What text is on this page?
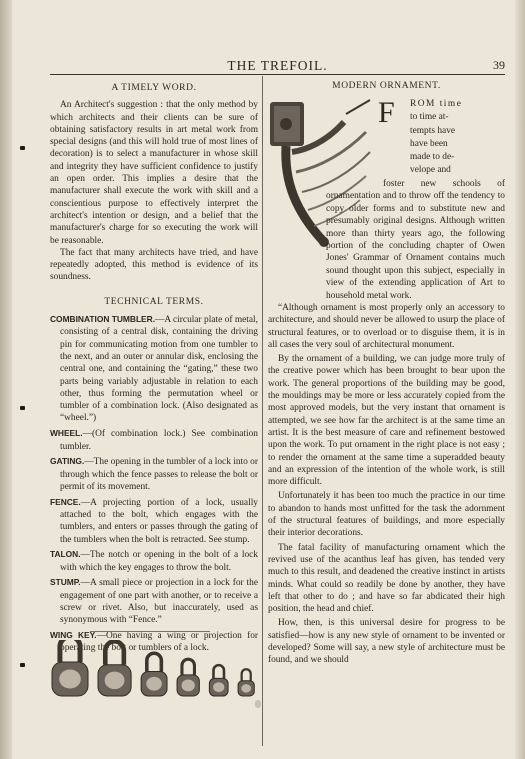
THE TREFOIL.	39
A TIMELY WORD.

An Architect's suggestion : that the only method by which architects and their clients can be sure of obtaining satisfactory results in art metal work from special designs (and this will hold true of most lines of decoration) is to select a manufacturer in whose skill and integrity they have sufficient confidence to justify an open order. This implies a desire that the manufacturer shall execute the work with skill and a conscientious purpose to effectively interpret the architect's intention or design, and a belief that the manufacturer's charge for so executing the work will be reasonable.

The fact that many architects have tried, and have repeatedly adopted, this method is evidence of its soundness.

TECHNICAL TERMS.
COMBINATION TUMBLER.—A circular plate of metal, consisting of a central disk, containing the driving pin for communicating motion from one tumbler to the next, and an outer or annular disk, enclosing the central one, and containing the “gating,” these two parts being variably adjustable in relation to each other, thus forming the permutation wheel or tumbler of a combination lock. (Also designated as “wheel.”)
WHEEL.—(Of combination lock.) See combination tumbler.
GATING.—The opening in the tumbler of a lock into or through which the fence passes to release the bolt or permit of its movement.
FENCE.—A projecting portion of a lock, usually attached to the bolt, which engages with the tumblers, and enters or passes through the gating of the tumblers when the bolt is retracted. See stump.
TALON.—The notch or opening in the bolt of a lock with which the key engages to throw the bolt.
STUMP.—A small piece or projection in a lock for the engagement of one part with another, or to receive a screw or rivet. Also, but inaccurately, used as synonymous with “Fence.”
WING KEY.—One having a wing or projection for operating the bolt or tumblers of a lock.
MODERN ORNAMENT.
F ROM time
to time at-
tempts have
have been
made to de-
velope and

foster new schools of ornamentation and to throw off the tendency to copy older forms and to substitute new and presumably original designs. Although written more than thirty years ago, the following portion of the concluding chapter of Owen Jones' Grammar of Ornament contains much sound thought upon this subject, especially in view of the extending application of Art to household metal work.

“Although ornament is most properly only an accessory to architecture, and should never be allowed to usurp the place of structural features, or to overload or to disguise them, it is in all cases the very soul of architectural monument.

By the ornament of a building, we can judge more truly of the creative power which has been brought to bear upon the work. The general proportions of the building may be good, the mouldings may be more or less accurately copied from the most approved models, but the very instant that ornament is attempted, we see how far the architect is at the same time an artist. It is the best measure of care and refinement bestowed upon the work. To put ornament in the right place is not easy ; to render the ornament at the same time a superadded beauty and an expression of the intention of the whole work, is still more difficult.

Unfortunately it has been too much the practice in our time to abandon to hands most unfitted for the task the adornment of the structural features of buildings, and more especially their interior decorations.

The fatal facility of manufacturing ornament which the revived use of the acanthus leaf has given, has tended very much to this result, and deadened the creative instinct in artists minds. What could so readily be done by another, they have left that other to do ; and have so far abdicated their high position, the head and chief.

How, then, is this universal desire for progress to be satisfied—how is any new style of ornament to be invented or developed? Some will say, a new style of architecture must be found, and we should
